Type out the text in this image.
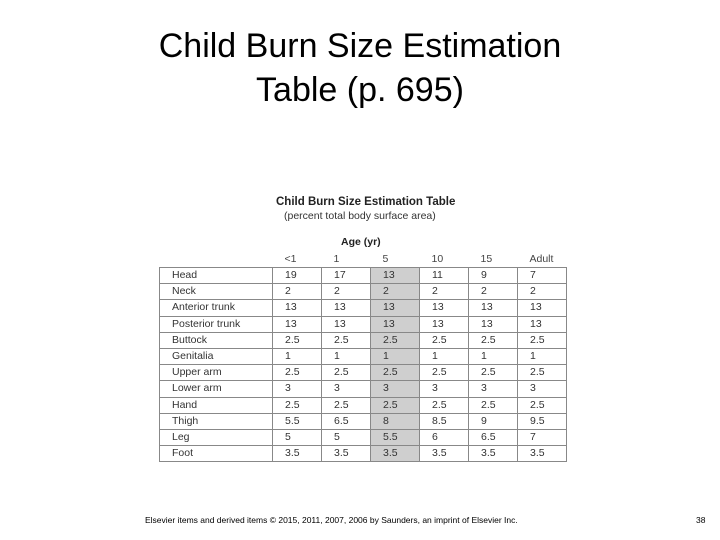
Child Burn Size Estimation
Table (p. 695)
Child Burn Size Estimation Table
(percent total body surface area)
Age (yr)
	<1	1	5	10	15	Adult
Head	19	17	13	11	9	7
Neck	2	2	2	2	2	2
Anterior trunk	13	13	13	13	13	13
Posterior trunk	13	13	13	13	13	13
Buttock	2.5	2.5	2.5	2.5	2.5	2.5
Genitalia	1	1	1	1	1	1
Upper arm	2.5	2.5	2.5	2.5	2.5	2.5
Lower arm	3	3	3	3	3	3
Hand	2.5	2.5	2.5	2.5	2.5	2.5
Thigh	5.5	6.5	8	8.5	9	9.5
Leg	5	5	5.5	6	6.5	7
Foot	3.5	3.5	3.5	3.5	3.5	3.5
Elsevier items and derived items © 2015, 2011, 2007, 2006 by Saunders, an imprint of Elsevier Inc.	38
